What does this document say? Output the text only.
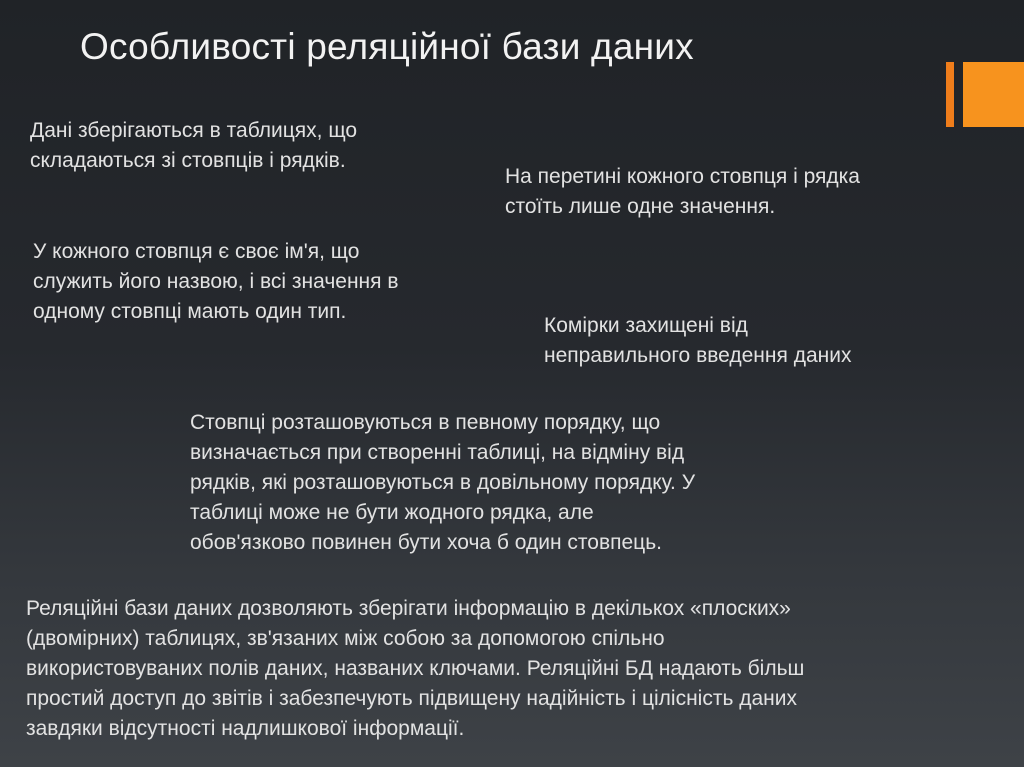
Особливості реляційної бази даних
Дані зберігаються в таблицях, що
складаються зі стовпців і рядків.
На перетині кожного стовпця і рядка
стоїть лише одне значення.
У кожного стовпця є своє ім'я, що
служить його назвою, і всі значення в
одному стовпці мають один тип.
Комірки захищені від
неправильного введення даних
Стовпці розташовуються в певному порядку, що
визначається при створенні таблиці, на відміну від
рядків, які розташовуються в довільному порядку. У
таблиці може не бути жодного рядка, але
обов'язково повинен бути хоча б один стовпець.
Реляційні бази даних дозволяють зберігати інформацію в декількох «плоских»
(двомірних) таблицях, зв'язаних між собою за допомогою спільно
використовуваних полів даних, названих ключами. Реляційні БД надають більш
простий доступ до звітів і забезпечують підвищену надійність і цілісність даних
завдяки відсутності надлишкової інформації.
